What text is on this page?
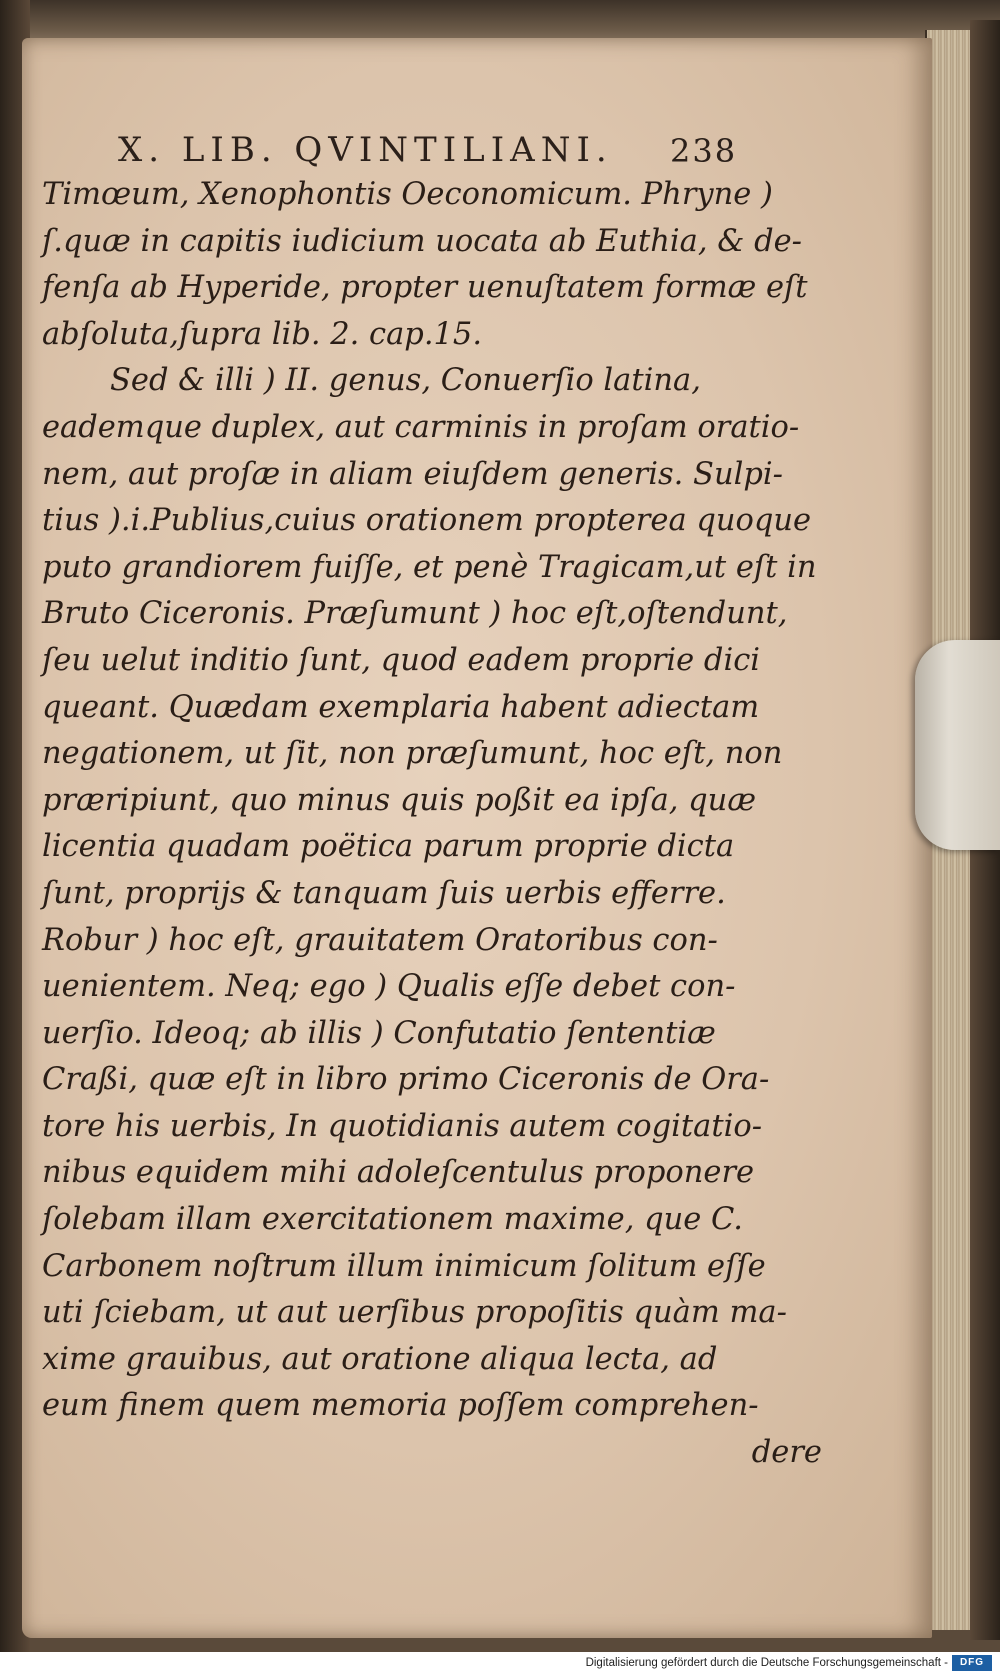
X. LIB. QVINTILIANI.	238
Timœum, Xenophontis Oeconomicum. Phryne )
ſ.quæ in capitis iudicium uocata ab Euthia, & de-
fenſa ab Hyperide, propter uenuſtatem formæ eſt
abſoluta,ſupra lib. 2. cap.15.
Sed & illi ) II. genus, Conuerſio latina,
eademque duplex, aut carminis in proſam oratio-
nem, aut proſæ in aliam eiuſdem generis. Sulpi-
tius ).i.Publius,cuius orationem propterea quoque
puto grandiorem fuiſſe, et penè Tragicam,ut eſt in
Bruto Ciceronis. Præſumunt ) hoc eſt,oſtendunt,
ſeu uelut inditio ſunt, quod eadem proprie dici
queant. Quædam exemplaria habent adiectam
negationem, ut ſit, non præſumunt, hoc eſt, non
præripiunt, quo minus quis poßit ea ipſa, quæ
licentia quadam poëtica parum proprie dicta
ſunt, proprijs & tanquam ſuis uerbis efferre.
Robur ) hoc eſt, grauitatem Oratoribus con-
uenientem. Neq; ego ) Qualis eſſe debet con-
uerſio. Ideoq; ab illis ) Confutatio ſententiæ
Craßi, quæ eſt in libro primo Ciceronis de Ora-
tore his uerbis, In quotidianis autem cogitatio-
nibus equidem mihi adoleſcentulus proponere
ſolebam illam exercitationem maxime, que C.
Carbonem noſtrum illum inimicum ſolitum eſſe
uti ſciebam, ut aut uerſibus propoſitis quàm ma-
xime grauibus, aut oratione aliqua lecta, ad
eum finem quem memoria poſſem comprehen-
dere
Digitalisierung gefördert durch die Deutsche Forschungsgemeinschaft -	DFG
